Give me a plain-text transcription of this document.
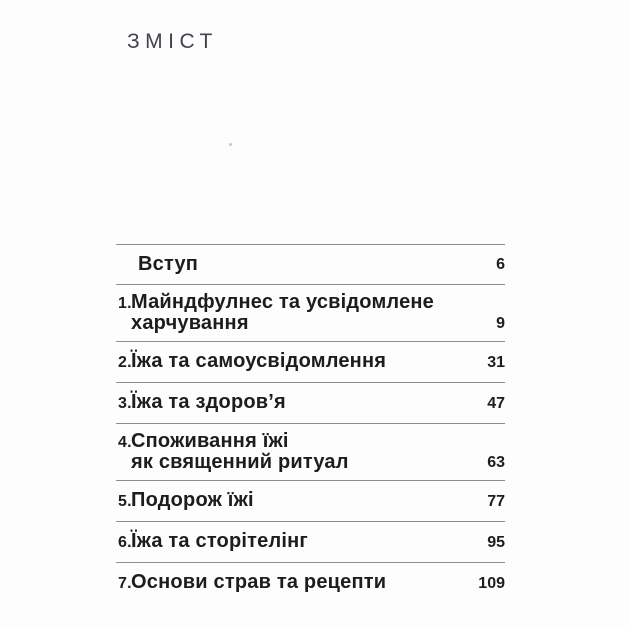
ЗМІСТ
Вступ	6
1. Майндфулнес та усвідомлене
харчування	9
2. Їжа та самоусвідомлення	31
3. Їжа та здоров’я	47
4. Споживання їжі
як священний ритуал	63
5. Подорож їжі	77
6. Їжа та сторітелінг	95
7. Основи страв та рецепти	109
